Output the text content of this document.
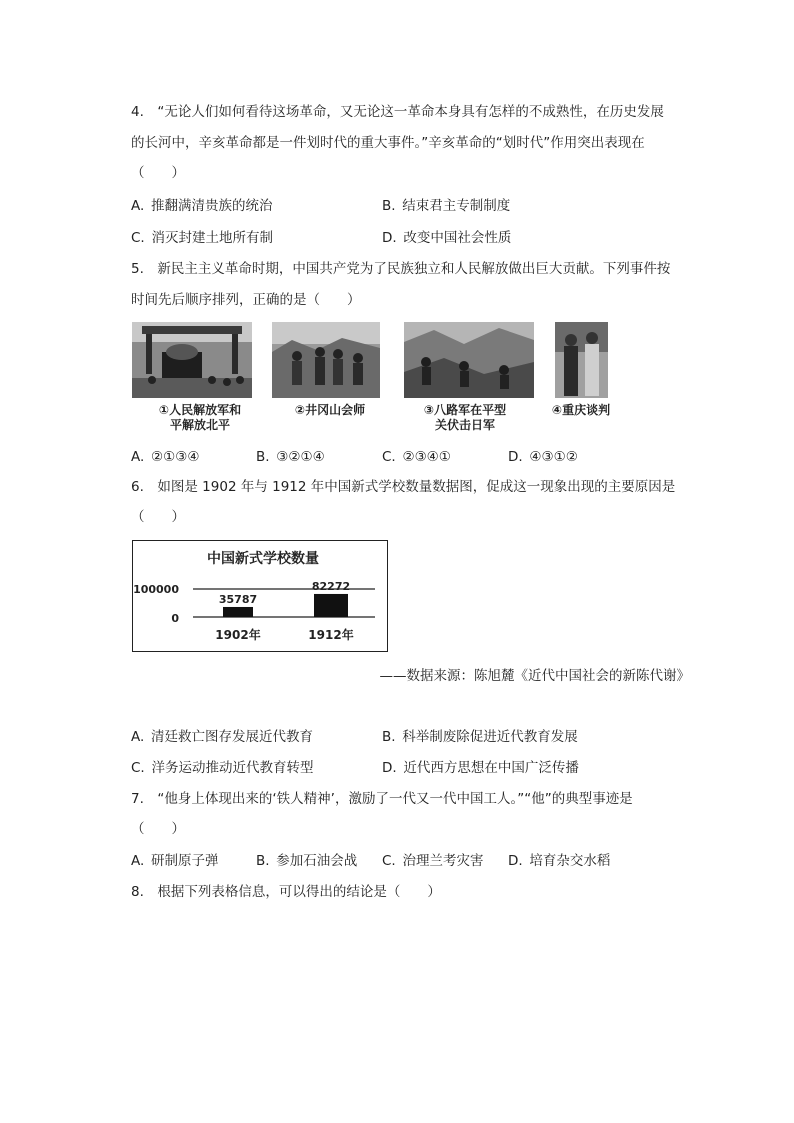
4.　“无论人们如何看待这场革命，又无论这一革命本身具有怎样的不成熟性，在历史发展
的长河中，辛亥革命都是一件划时代的重大事件。”辛亥革命的“划时代”作用突出表现在
（　　）
A. 推翻满清贵族的统治	B. 结束君主专制制度
C. 消灭封建土地所有制	D. 改变中国社会性质
5.　新民主主义革命时期，中国共产党为了民族独立和人民解放做出巨大贡献。下列事件按
时间先后顺序排列，正确的是（　　）
①人民解放军和
平解放北平
②井冈山会师	③八路军在平型
关伏击日军
④重庆谈判
A. ②①③④	B. ③②①④	C. ②③④①	D. ④③①②
6.　如图是 1902 年与 1912 年中国新式学校数量数据图，促成这一现象出现的主要原因是
（　　）
中国新式学校数量
100000
0
35787
1902年
82272
1912年
——数据来源：陈旭麓《近代中国社会的新陈代谢》
A. 清廷救亡图存发展近代教育	B. 科举制废除促进近代教育发展
C. 洋务运动推动近代教育转型	D. 近代西方思想在中国广泛传播
7.　“他身上体现出来的‘铁人精神’，激励了一代又一代中国工人。”“他”的典型事迹是
（　　）
A. 研制原子弹	B. 参加石油会战 C. 治理兰考灾害 D. 培育杂交水稻
8.　根据下列表格信息，可以得出的结论是（　　）
